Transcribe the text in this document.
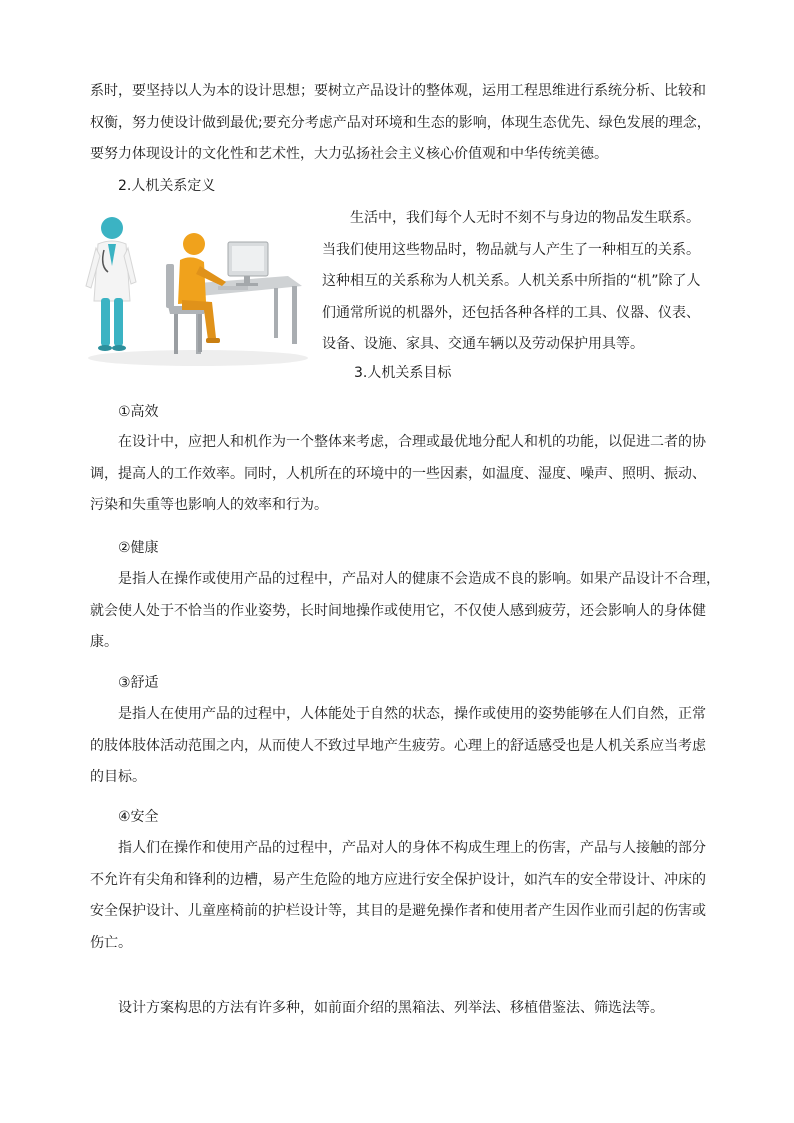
系时，要坚持以人为本的设计思想；要树立产品设计的整体观，运用工程思维进行系统分析、比较和
权衡，努力使设计做到最优;要充分考虑产品对环境和生态的影响，体现生态优先、绿色发展的理念，
要努力体现设计的文化性和艺术性，大力弘扬社会主义核心价值观和中华传统美德。

2.人机关系定义

生活中，我们每个人无时不刻不与身边的物品发生联系。
当我们使用这些物品时，物品就与人产生了一种相互的关系。
这种相互的关系称为人机关系。人机关系中所指的“机”除了人
们通常所说的机器外，还包括各种各样的工具、仪器、仪表、
设备、设施、家具、交通车辆以及劳动保护用具等。

3.人机关系目标

①高效

在设计中，应把人和机作为一个整体来考虑，合理或最优地分配人和机的功能，以促进二者的协
调，提高人的工作效率。同时，人机所在的环境中的一些因素，如温度、湿度、噪声、照明、振动、
污染和失重等也影响人的效率和行为。

②健康

是指人在操作或使用产品的过程中，产品对人的健康不会造成不良的影响。如果产品设计不合理，
就会使人处于不恰当的作业姿势，长时间地操作或使用它，不仅使人感到疲劳，还会影响人的身体健
康。

③舒适

是指人在使用产品的过程中，人体能处于自然的状态，操作或使用的姿势能够在人们自然，正常
的肢体肢体活动范围之内，从而使人不致过早地产生疲劳。心理上的舒适感受也是人机关系应当考虑
的目标。

④安全

指人们在操作和使用产品的过程中，产品对人的身体不构成生理上的伤害，产品与人接触的部分
不允许有尖角和锋利的边槽，易产生危险的地方应进行安全保护设计，如汽车的安全带设计、冲床的
安全保护设计、儿童座椅前的护栏设计等，其目的是避免操作者和使用者产生因作业而引起的伤害或
伤亡。

设计方案构思的方法有许多种，如前面介绍的黑箱法、列举法、移植借鉴法、筛选法等。
